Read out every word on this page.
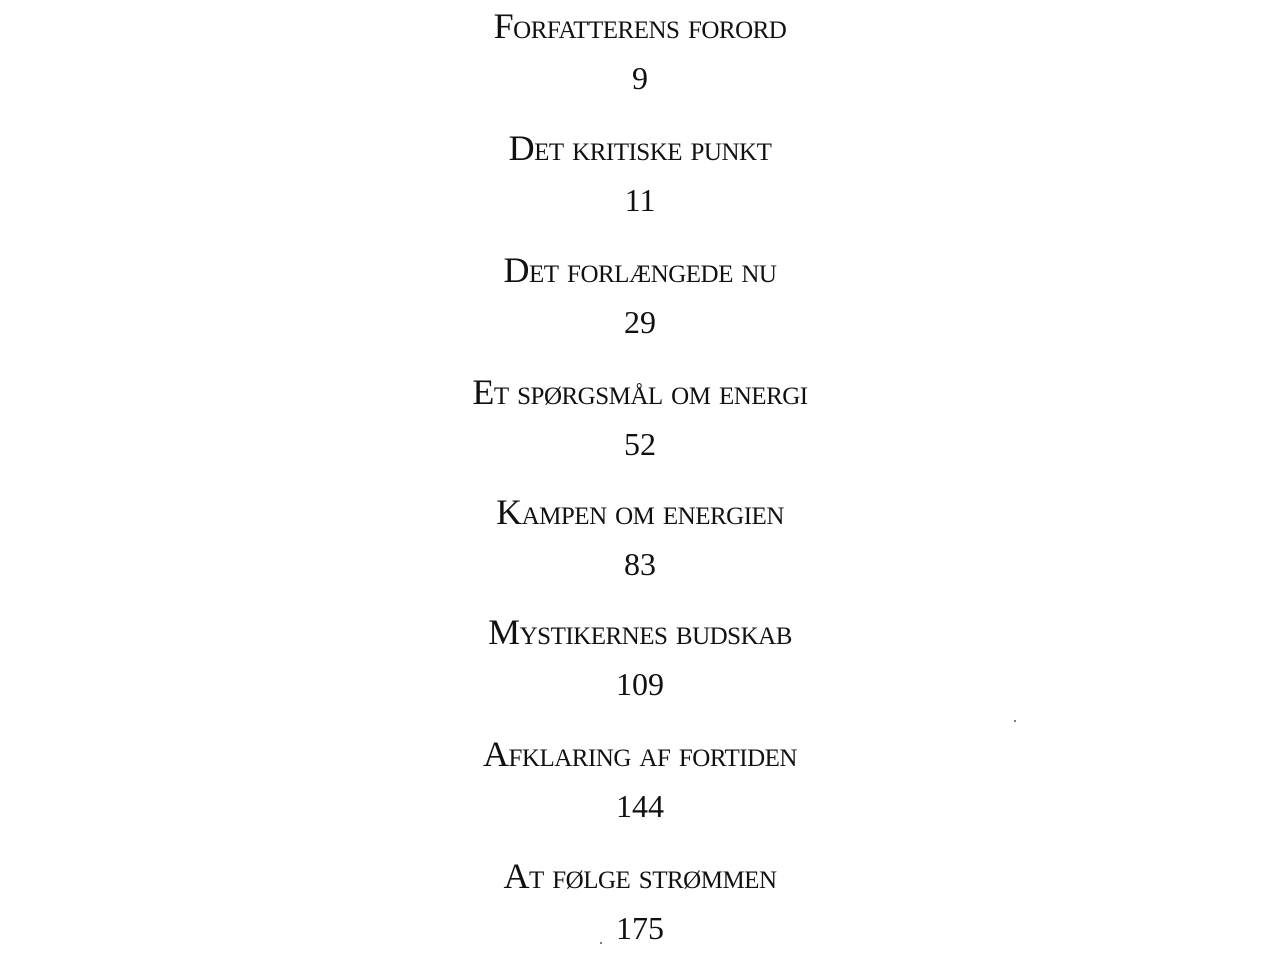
Forfatterens forord
9
Det kritiske punkt
11
Det forlængede nu
29
Et spørgsmål om energi
52
Kampen om energien
83
Mystikernes budskab
109
Afklaring af fortiden
144
At følge strømmen
175
